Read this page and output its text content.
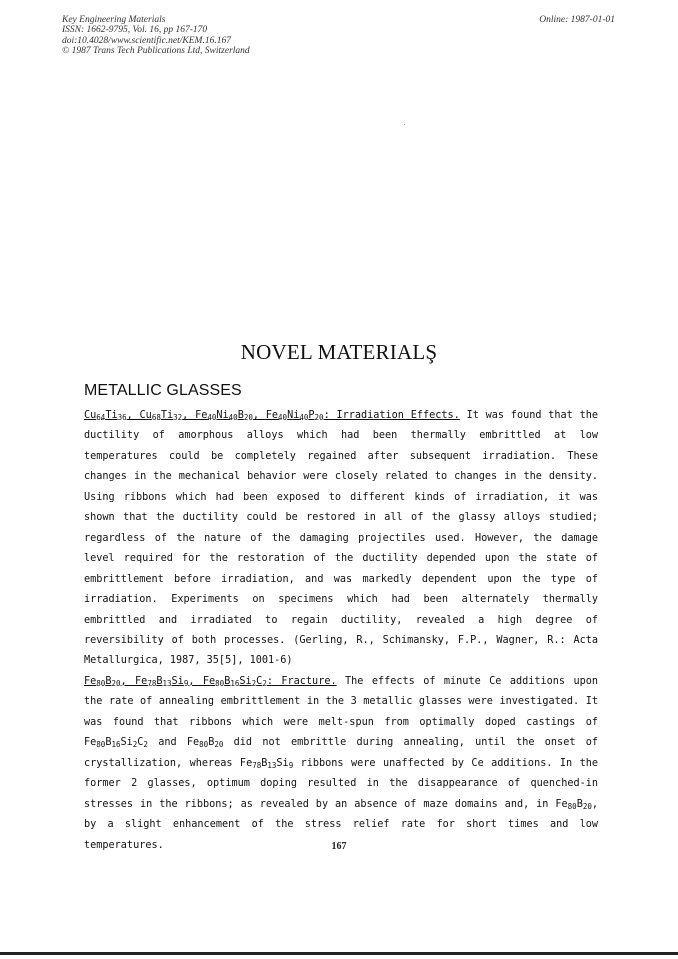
Key Engineering Materials
ISSN: 1662-9795, Vol. 16, pp 167-170
doi:10.4028/www.scientific.net/KEM.16.167
© 1987 Trans Tech Publications Ltd, Switzerland
Online: 1987-01-01
NOVEL MATERIALŞ
METALLIC GLASSES

$Cu_{64}Ti_{36}$, $Cu_{68}Ti_{32}$, $Fe_{40}Ni_{40}B_{20}$, $Fe_{40}Ni_{40}P_{20}$: Irradiation Effects. It was found that the ductility of amorphous alloys which had been thermally embrittled at low temperatures could be completely regained after subsequent irradiation. These changes in the mechanical behavior were closely related to changes in the density. Using ribbons which had been exposed to different kinds of irradiation, it was shown that the ductility could be restored in all of the glassy alloys studied; regardless of the nature of the damaging projectiles used. However, the damage level required for the restoration of the ductility depended upon the state of embrittlement before irradiation, and was markedly dependent upon the type of irradiation. Experiments on specimens which had been alternately thermally embrittled and irradiated to regain ductility, revealed a high degree of reversibility of both processes. (Gerling, R., Schimansky, F.P., Wagner, R.: Acta Metallurgica, 1987, 35[5], 1001-6)

$Fe_{80}B_{20}$, $Fe_{78}B_{13}Si_9$, $Fe_{80}B_{16}Si_2C_2$: Fracture. The effects of minute Ce additions upon the rate of annealing embrittlement in the 3 metallic glasses were investigated. It was found that ribbons which were melt-spun from optimally doped castings of $Fe_{80}B_{16}Si_2C_2$ and $Fe_{80}B_{20}$ did not embrittle during annealing, until the onset of crystallization, whereas $Fe_{78}B_{13}Si_9$ ribbons were unaffected by Ce additions. In the former 2 glasses, optimum doping resulted in the disappearance of quenched-in stresses in the ribbons; as revealed by an absence of maze domains and, in $Fe_{80}B_{20}$, by a slight enhancement of the stress relief rate for short times and low temperatures.	167
